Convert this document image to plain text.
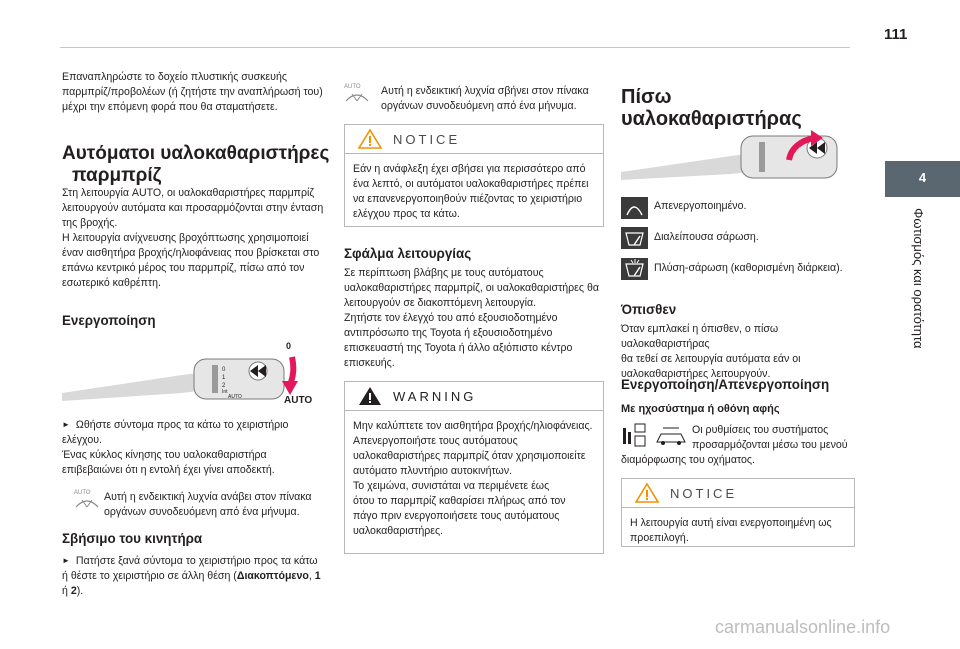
111
4
Φωτισμός και ορατότητα

Επαναπληρώστε το δοχείο πλυστικής συσκευής

παρμπρίζ/προβολέων (ή ζητήστε την αναπλήρωσή του)

μέχρι την επόμενη φορά που θα σταματήσετε.

Αυτόματοι υαλοκαθαριστήρες

παρμπρίζ

Στη λειτουργία AUTO, οι υαλοκαθαριστήρες παρμπρίζ

λειτουργούν αυτόματα και προσαρμόζονται στην ένταση

της βροχής.

Η λειτουργία ανίχνευσης βροχόπτωσης χρησιμοποιεί

έναν αισθητήρα βροχής/ηλιοφάνειας που βρίσκεται στο

επάνω κεντρικό μέρος του παρμπρίζ, πίσω από τον

εσωτερικό καθρέπτη.

Ενεργοποίηση
0
1
2
Int
AUTO
0
AUTO

► Ωθήστε σύντομα προς τα κάτω το χειριστήριο

ελέγχου.

Ένας κύκλος κίνησης του υαλοκαθαριστήρα

επιβεβαιώνει ότι η εντολή έχει γίνει αποδεκτή.

AUTO	Αυτή η ενδεικτική λυχνία ανάβει στον πίνακα

οργάνων συνοδευόμενη από ένα μήνυμα.

Σβήσιμο του κινητήρα

► Πατήστε ξανά σύντομα το χειριστήριο προς τα κάτω

ή θέστε το χειριστήριο σε άλλη θέση (Διακοπτόμενο, 1

ή 2).

AUTO	Αυτή η ενδεικτική λυχνία σβήνει στον πίνακα

οργάνων συνοδευόμενη από ένα μήνυμα.

NOTICE

Εάν η ανάφλεξη έχει σβήσει για περισσότερο από

ένα λεπτό, οι αυτόματοι υαλοκαθαριστήρες πρέπει

να επανενεργοποιηθούν πιέζοντας το χειριστήριο

ελέγχου προς τα κάτω.

Σφάλμα λειτουργίας

Σε περίπτωση βλάβης με τους αυτόματους

υαλοκαθαριστήρες παρμπρίζ, οι υαλοκαθαριστήρες θα

λειτουργούν σε διακοπτόμενη λειτουργία.

Ζητήστε τον έλεγχό του από εξουσιοδοτημένο

αντιπρόσωπο της Toyota ή εξουσιοδοτημένο

επισκευαστή της Toyota ή άλλο αξιόπιστο κέντρο

επισκευής.

WARNING

Μην καλύπτετε τον αισθητήρα βροχής/ηλιοφάνειας.

Απενεργοποιήστε τους αυτόματους

υαλοκαθαριστήρες παρμπρίζ όταν χρησιμοποιείτε

αυτόματο πλυντήριο αυτοκινήτων.

Το χειμώνα, συνιστάται να περιμένετε έως

ότου το παρμπρίζ καθαρίσει πλήρως από τον

πάγο πριν ενεργοποιήσετε τους αυτόματους

υαλοκαθαριστήρες.

Πίσω υαλοκαθαριστήρας

Απενεργοποιημένο.

Διαλείπουσα σάρωση.

Πλύση-σάρωση (καθορισμένη διάρκεια).

Όπισθεν

Όταν εμπλακεί η όπισθεν, ο πίσω υαλοκαθαριστήρας

θα τεθεί σε λειτουργία αυτόματα εάν οι

υαλοκαθαριστήρες λειτουργούν.

Ενεργοποίηση/Απενεργοποίηση
Με ηχοσύστημα ή οθόνη αφής

Οι ρυθμίσεις του συστήματος

προσαρμόζονται μέσω του μενού

διαμόρφωσης του οχήματος.

NOTICE

Η λειτουργία αυτή είναι ενεργοποιημένη ως

προεπιλογή.

carmanualsonline.info
